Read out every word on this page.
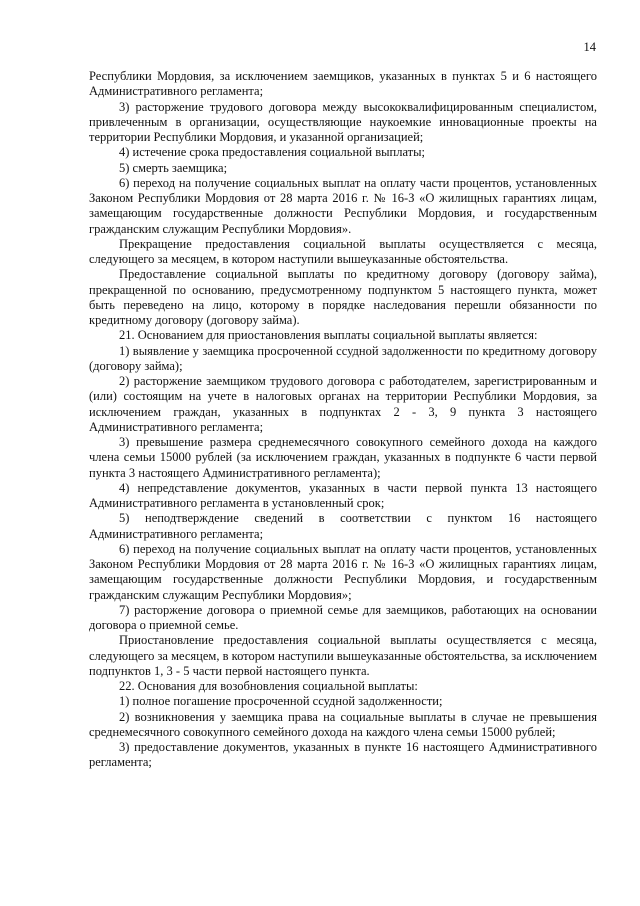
14

Республики Мордовия, за исключением заемщиков, указанных в пунктах 5 и 6 настоящего Административного регламента;

3) расторжение трудового договора между высококвалифицированным специалистом, привлеченным в организации, осуществляющие наукоемкие инновационные проекты на территории Республики Мордовия, и указанной организацией;

4) истечение срока предоставления социальной выплаты;

5) смерть заемщика;

6) переход на получение социальных выплат на оплату части процентов, установленных Законом Республики Мордовия от 28 марта 2016 г. № 16-З «О жилищных гарантиях лицам, замещающим государственные должности Республики Мордовия, и государственным гражданским служащим Республики Мордовия».

Прекращение предоставления социальной выплаты осуществляется с месяца, следующего за месяцем, в котором наступили вышеуказанные обстоятельства.

Предоставление социальной выплаты по кредитному договору (договору займа), прекращенной по основанию, предусмотренному подпунктом 5 настоящего пункта, может быть переведено на лицо, которому в порядке наследования перешли обязанности по кредитному договору (договору займа).

21. Основанием для приостановления выплаты социальной выплаты является:

1) выявление у заемщика просроченной ссудной задолженности по кредитному договору (договору займа);

2) расторжение заемщиком трудового договора с работодателем, зарегистрированным и (или) состоящим на учете в налоговых органах на территории Республики Мордовия, за исключением граждан, указанных в подпунктах 2 - 3, 9 пункта 3 настоящего Административного регламента;

3) превышение размера среднемесячного совокупного семейного дохода на каждого члена семьи 15000 рублей (за исключением граждан, указанных в подпункте 6 части первой пункта 3 настоящего Административного регламента);

4) непредставление документов, указанных в части первой пункта 13 настоящего Административного регламента в установленный срок;

5) неподтверждение сведений в соответствии с пунктом 16 настоящего Административного регламента;

6) переход на получение социальных выплат на оплату части процентов, установленных Законом Республики Мордовия от 28 марта 2016 г. № 16-З «О жилищных гарантиях лицам, замещающим государственные должности Республики Мордовия, и государственным гражданским служащим Республики Мордовия»;

7) расторжение договора о приемной семье для заемщиков, работающих на основании договора о приемной семье.

Приостановление предоставления социальной выплаты осуществляется с месяца, следующего за месяцем, в котором наступили вышеуказанные обстоятельства, за исключением подпунктов 1, 3 - 5 части первой настоящего пункта.

22. Основания для возобновления социальной выплаты:

1) полное погашение просроченной ссудной задолженности;

2) возникновения у заемщика права на социальные выплаты в случае не превышения среднемесячного совокупного семейного дохода на каждого члена семьи 15000 рублей;

3) предоставление документов, указанных в пункте 16 настоящего Административного регламента;
